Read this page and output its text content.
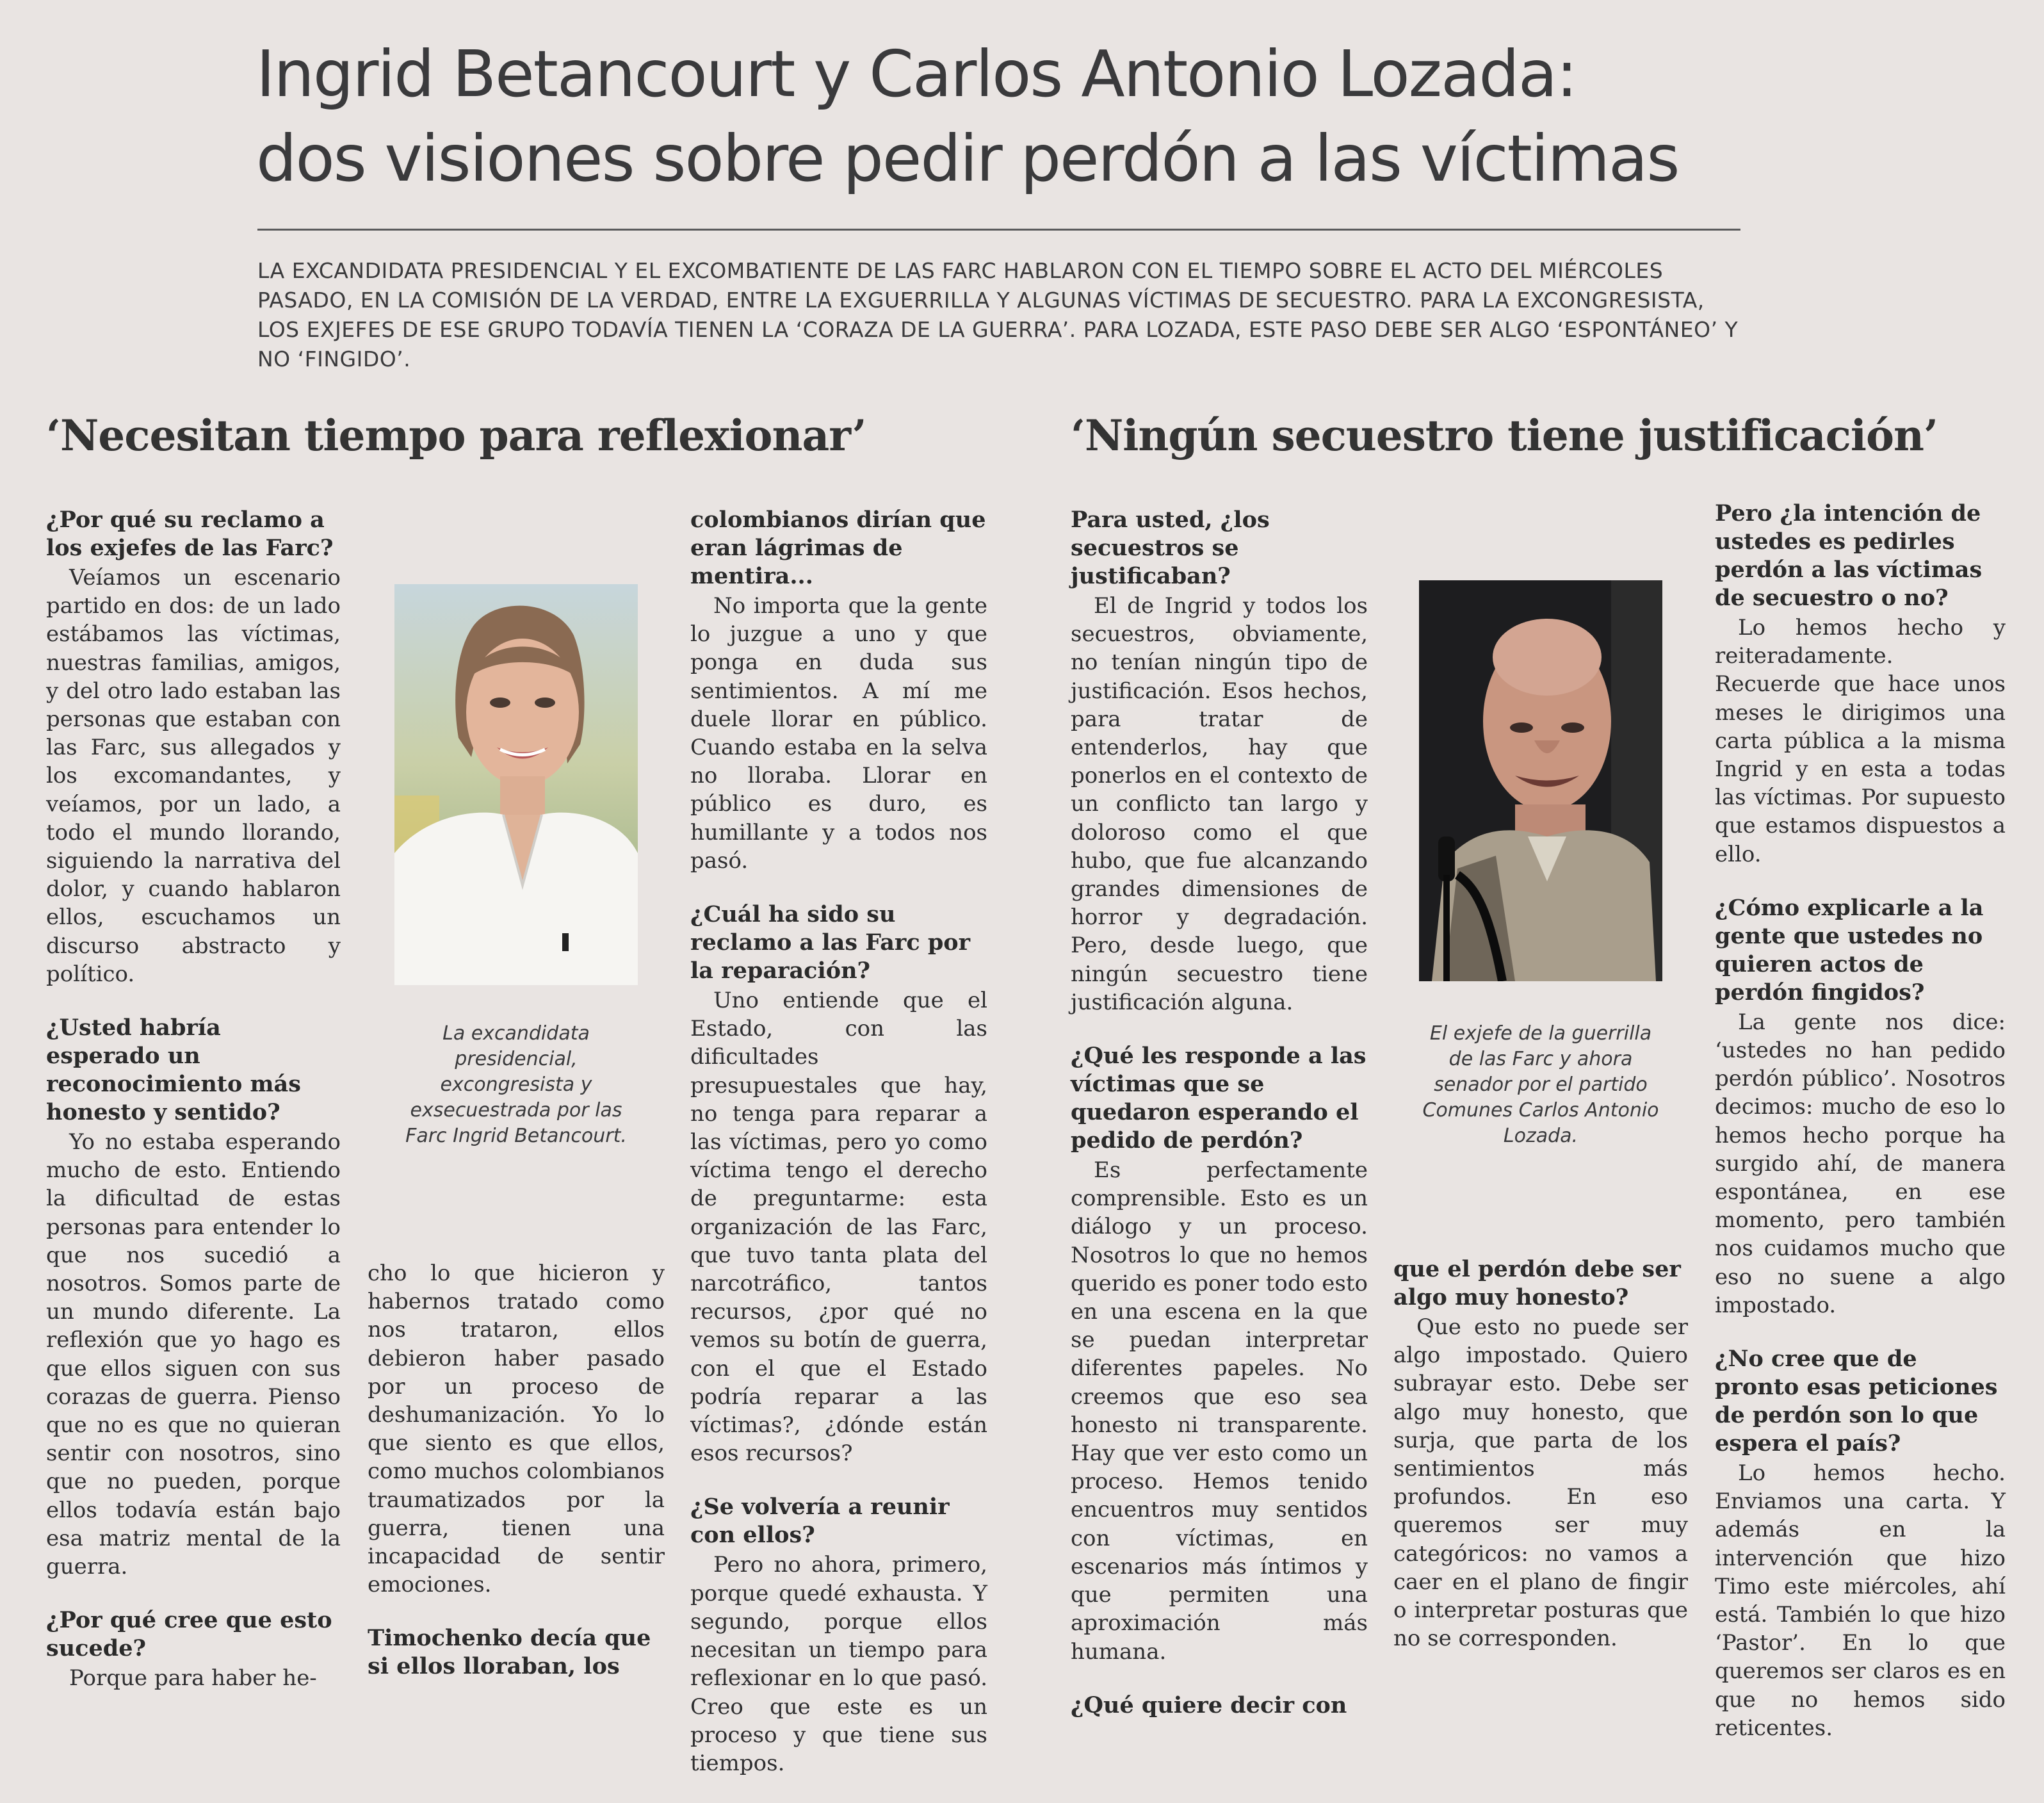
Ingrid Betancourt y Carlos Antonio Lozada:
dos visiones sobre pedir perdón a las víctimas
LA EXCANDIDATA PRESIDENCIAL Y EL EXCOMBATIENTE DE LAS FARC HABLARON CON EL TIEMPO SOBRE EL ACTO DEL MIÉRCOLES PASADO, EN LA COMISIÓN DE LA VERDAD, ENTRE LA EXGUERRILLA Y ALGUNAS VÍCTIMAS DE SECUESTRO. PARA LA EXCONGRESISTA, LOS EXJEFES DE ESE GRUPO TODAVÍA TIENEN LA ‘CORAZA DE LA GUERRA’. PARA LOZADA, ESTE PASO DEBE SER ALGO ‘ESPONTÁNEO’ Y NO ‘FINGIDO’.
‘Necesitan tiempo para reflexionar’
¿Por qué su reclamo a los exjefes de las Farc?
Veíamos un escenario partido en dos: de un lado estábamos las víctimas, nuestras familias, amigos, y del otro lado estaban las personas que estaban con las Farc, sus allegados y los excomandantes, y veíamos, por un lado, a todo el mundo llorando, siguiendo la narrativa del dolor, y cuando hablaron ellos, escuchamos un discurso abstracto y político.
¿Usted habría esperado un reconocimiento más honesto y sentido?
Yo no estaba esperando mucho de esto. Entiendo la dificultad de estas personas para entender lo que nos sucedió a nosotros. Somos parte de un mundo diferente. La reflexión que yo hago es que ellos siguen con sus corazas de guerra. Pienso que no es que no quieran sentir con nosotros, sino que no pueden, porque ellos todavía están bajo esa matriz mental de la guerra.
¿Por qué cree que esto sucede?
Porque para haber he-
La excandidata presidencial, excongresista y exsecuestrada por las Farc Ingrid Betancourt.
cho lo que hicieron y habernos tratado como nos trataron, ellos debieron haber pasado por un proceso de deshumanización. Yo lo que siento es que ellos, como muchos colombianos traumatizados por la guerra, tienen una incapacidad de sentir emociones.
Timochenko decía que si ellos lloraban, los
colombianos dirían que eran lágrimas de mentira...
No importa que la gente lo juzgue a uno y que ponga en duda sus sentimientos. A mí me duele llorar en público. Cuando estaba en la selva no lloraba. Llorar en público es duro, es humillante y a todos nos pasó.
¿Cuál ha sido su reclamo a las Farc por la reparación?
Uno entiende que el Estado, con las dificultades presupuestales que hay, no tenga para reparar a las víctimas, pero yo como víctima tengo el derecho de preguntarme: esta organización de las Farc, que tuvo tanta plata del narcotráfico, tantos recursos, ¿por qué no vemos su botín de guerra, con el que el Estado podría reparar a las víctimas?, ¿dónde están esos recursos?
¿Se volvería a reunir con ellos?
Pero no ahora, primero, porque quedé exhausta. Y segundo, porque ellos necesitan un tiempo para reflexionar en lo que pasó. Creo que este es un proceso y que tiene sus tiempos.
‘Ningún secuestro tiene justificación’
Para usted, ¿los secuestros se justificaban?
El de Ingrid y todos los secuestros, obviamente, no tenían ningún tipo de justificación. Esos hechos, para tratar de entenderlos, hay que ponerlos en el contexto de un conflicto tan largo y doloroso como el que hubo, que fue alcanzando grandes dimensiones de horror y degradación. Pero, desde luego, que ningún secuestro tiene justificación alguna.
¿Qué les responde a las víctimas que se quedaron esperando el pedido de perdón?
Es perfectamente comprensible. Esto es un diálogo y un proceso. Nosotros lo que no hemos querido es poner todo esto en una escena en la que se puedan interpretar diferentes papeles. No creemos que eso sea honesto ni transparente. Hay que ver esto como un proceso. Hemos tenido encuentros muy sentidos con víctimas, en escenarios más íntimos y que permiten una aproximación más humana.
¿Qué quiere decir con
El exjefe de la guerrilla de las Farc y ahora senador por el partido Comunes Carlos Antonio Lozada.
que el perdón debe ser algo muy honesto?
Que esto no puede ser algo impostado. Quiero subrayar esto. Debe ser algo muy honesto, que surja, que parta de los sentimientos más profundos. En eso queremos ser muy categóricos: no vamos a caer en el plano de fingir o interpretar posturas que no se corresponden.
Pero ¿la intención de ustedes es pedirles perdón a las víctimas de secuestro o no?
Lo hemos hecho y reiteradamente. Recuerde que hace unos meses le dirigimos una carta pública a la misma Ingrid y en esta a todas las víctimas. Por supuesto que estamos dispuestos a ello.
¿Cómo explicarle a la gente que ustedes no quieren actos de perdón fingidos?
La gente nos dice: ‘ustedes no han pedido perdón público’. Nosotros decimos: mucho de eso lo hemos hecho porque ha surgido ahí, de manera espontánea, en ese momento, pero también nos cuidamos mucho que eso no suene a algo impostado.
¿No cree que de pronto esas peticiones de perdón son lo que espera el país?
Lo hemos hecho. Enviamos una carta. Y además en la intervención que hizo Timo este miércoles, ahí está. También lo que hizo ‘Pastor’. En lo que queremos ser claros es en que no hemos sido reticentes.
